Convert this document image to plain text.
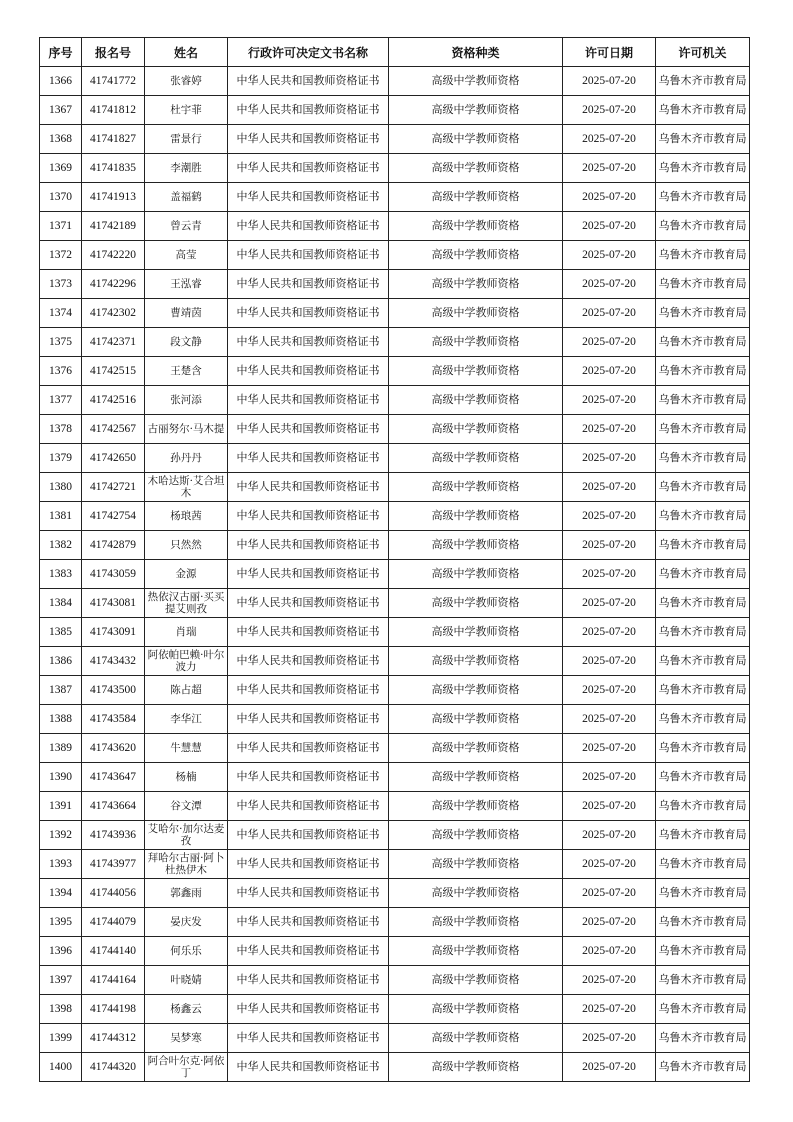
序号	报名号	姓名	行政许可决定文书名称	资格种类	许可日期	许可机关
1366	41741772	张睿婷	中华人民共和国教师资格证书	高级中学教师资格	2025-07-20	乌鲁木齐市教育局
1367	41741812	杜宇菲	中华人民共和国教师资格证书	高级中学教师资格	2025-07-20	乌鲁木齐市教育局
1368	41741827	雷景行	中华人民共和国教师资格证书	高级中学教师资格	2025-07-20	乌鲁木齐市教育局
1369	41741835	李潮胜	中华人民共和国教师资格证书	高级中学教师资格	2025-07-20	乌鲁木齐市教育局
1370	41741913	盖福鹤	中华人民共和国教师资格证书	高级中学教师资格	2025-07-20	乌鲁木齐市教育局
1371	41742189	曾云青	中华人民共和国教师资格证书	高级中学教师资格	2025-07-20	乌鲁木齐市教育局
1372	41742220	高莹	中华人民共和国教师资格证书	高级中学教师资格	2025-07-20	乌鲁木齐市教育局
1373	41742296	王泓睿	中华人民共和国教师资格证书	高级中学教师资格	2025-07-20	乌鲁木齐市教育局
1374	41742302	曹靖茵	中华人民共和国教师资格证书	高级中学教师资格	2025-07-20	乌鲁木齐市教育局
1375	41742371	段文静	中华人民共和国教师资格证书	高级中学教师资格	2025-07-20	乌鲁木齐市教育局
1376	41742515	王楚含	中华人民共和国教师资格证书	高级中学教师资格	2025-07-20	乌鲁木齐市教育局
1377	41742516	张河添	中华人民共和国教师资格证书	高级中学教师资格	2025-07-20	乌鲁木齐市教育局
1378	41742567	古丽努尔·马木提	中华人民共和国教师资格证书	高级中学教师资格	2025-07-20	乌鲁木齐市教育局
1379	41742650	孙丹丹	中华人民共和国教师资格证书	高级中学教师资格	2025-07-20	乌鲁木齐市教育局
1380	41742721	木哈达斯·艾合坦木	中华人民共和国教师资格证书	高级中学教师资格	2025-07-20	乌鲁木齐市教育局
1381	41742754	杨琅茜	中华人民共和国教师资格证书	高级中学教师资格	2025-07-20	乌鲁木齐市教育局
1382	41742879	只然然	中华人民共和国教师资格证书	高级中学教师资格	2025-07-20	乌鲁木齐市教育局
1383	41743059	金源	中华人民共和国教师资格证书	高级中学教师资格	2025-07-20	乌鲁木齐市教育局
1384	41743081	热依汉古丽·买买提艾则孜	中华人民共和国教师资格证书	高级中学教师资格	2025-07-20	乌鲁木齐市教育局
1385	41743091	肖瑞	中华人民共和国教师资格证书	高级中学教师资格	2025-07-20	乌鲁木齐市教育局
1386	41743432	阿依帕巴赖·叶尔波力	中华人民共和国教师资格证书	高级中学教师资格	2025-07-20	乌鲁木齐市教育局
1387	41743500	陈占超	中华人民共和国教师资格证书	高级中学教师资格	2025-07-20	乌鲁木齐市教育局
1388	41743584	李华江	中华人民共和国教师资格证书	高级中学教师资格	2025-07-20	乌鲁木齐市教育局
1389	41743620	牛慧慧	中华人民共和国教师资格证书	高级中学教师资格	2025-07-20	乌鲁木齐市教育局
1390	41743647	杨楠	中华人民共和国教师资格证书	高级中学教师资格	2025-07-20	乌鲁木齐市教育局
1391	41743664	谷文潭	中华人民共和国教师资格证书	高级中学教师资格	2025-07-20	乌鲁木齐市教育局
1392	41743936	艾哈尔·加尔达麦孜	中华人民共和国教师资格证书	高级中学教师资格	2025-07-20	乌鲁木齐市教育局
1393	41743977	拜哈尔古丽·阿卜杜热伊木	中华人民共和国教师资格证书	高级中学教师资格	2025-07-20	乌鲁木齐市教育局
1394	41744056	郭鑫雨	中华人民共和国教师资格证书	高级中学教师资格	2025-07-20	乌鲁木齐市教育局
1395	41744079	晏庆发	中华人民共和国教师资格证书	高级中学教师资格	2025-07-20	乌鲁木齐市教育局
1396	41744140	何乐乐	中华人民共和国教师资格证书	高级中学教师资格	2025-07-20	乌鲁木齐市教育局
1397	41744164	叶晓婧	中华人民共和国教师资格证书	高级中学教师资格	2025-07-20	乌鲁木齐市教育局
1398	41744198	杨鑫云	中华人民共和国教师资格证书	高级中学教师资格	2025-07-20	乌鲁木齐市教育局
1399	41744312	吴梦寒	中华人民共和国教师资格证书	高级中学教师资格	2025-07-20	乌鲁木齐市教育局
1400	41744320	阿合叶尔克·阿依丁	中华人民共和国教师资格证书	高级中学教师资格	2025-07-20	乌鲁木齐市教育局
